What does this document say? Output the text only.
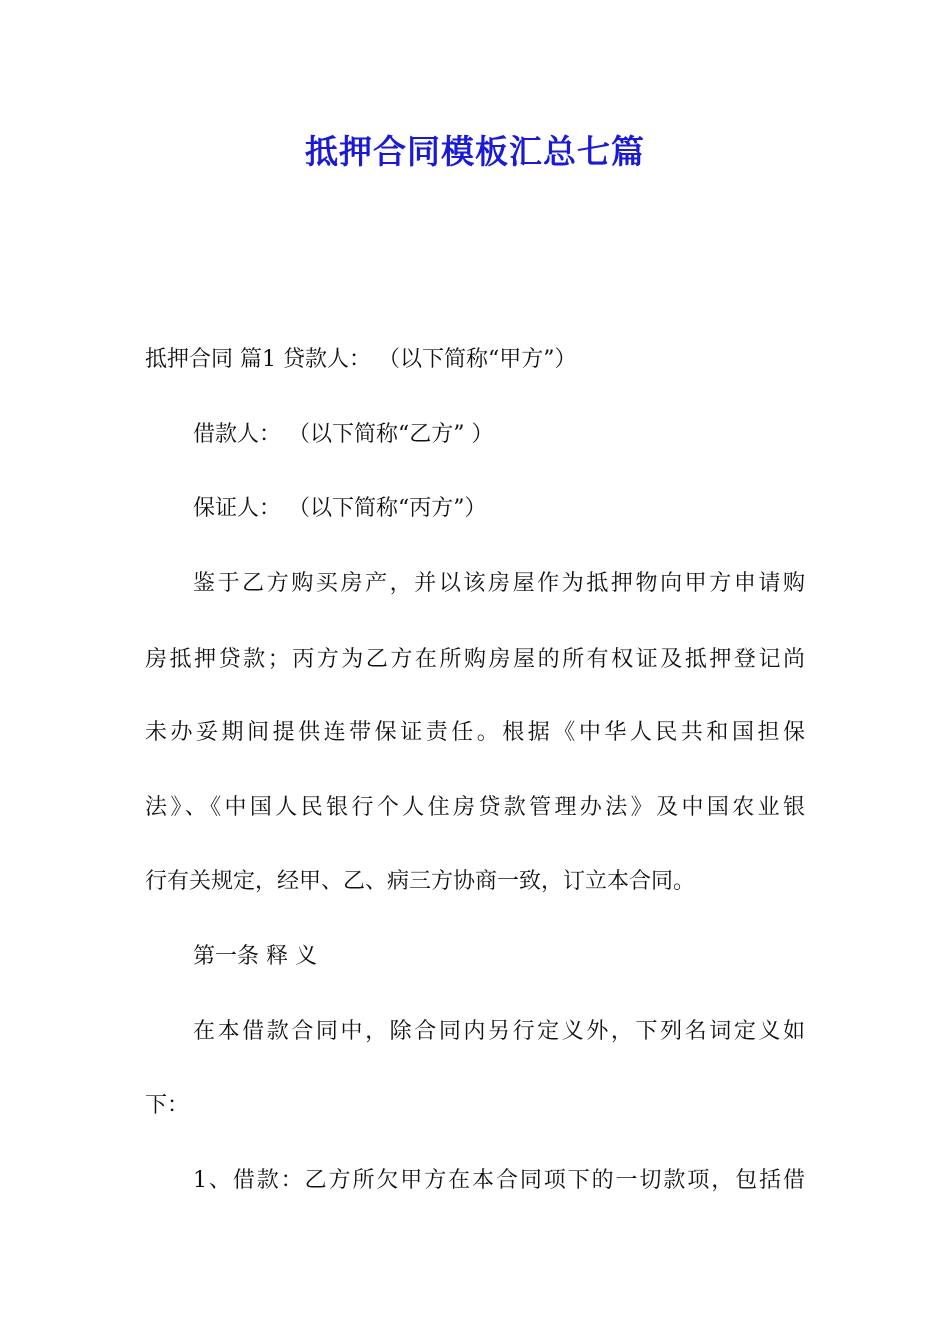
抵押合同模板汇总七篇
抵押合同 篇1 贷款人： （以下简称“甲方”）
借款人： （以下简称“乙方” ）
保证人： （以下简称“丙方”）
鉴于乙方购买房产，并以该房屋作为抵押物向甲方申请购
房抵押贷款；丙方为乙方在所购房屋的所有权证及抵押登记尚
未办妥期间提供连带保证责任。根据《中华人民共和国担保
法》、《中国人民银行个人住房贷款管理办法》及中国农业银
行有关规定，经甲、乙、病三方协商一致，订立本合同。
第一条 释 义
在本借款合同中，除合同内另行定义外，下列名词定义如
下：
1、借款：乙方所欠甲方在本合同项下的一切款项，包括借
